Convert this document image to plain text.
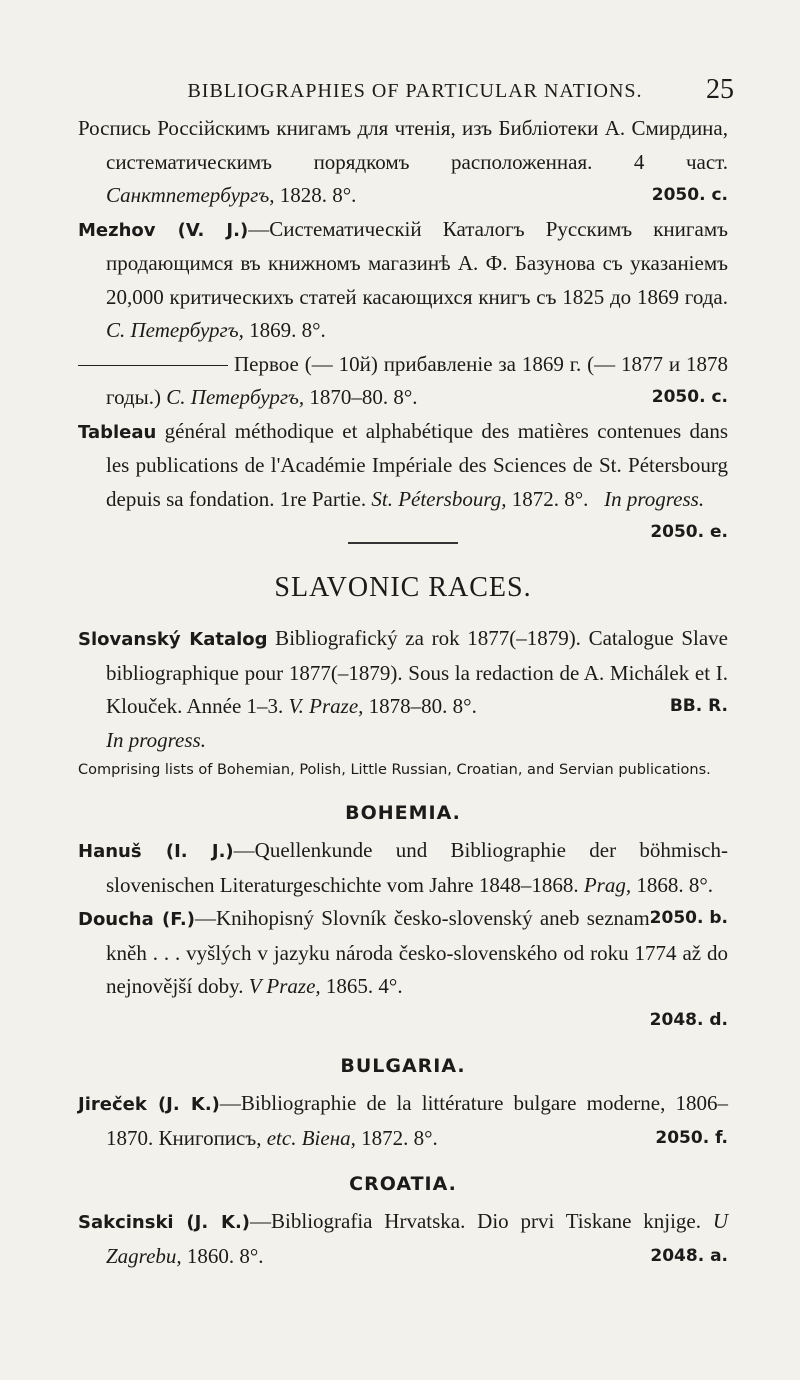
BIBLIOGRAPHIES OF PARTICULAR NATIONS.	25
Роспись Россійскимъ книгамъ для чтенія, изъ Библіотеки А. Смирдина, систематическимъ порядкомъ расположенная. 4 част. Санктпетербургъ, 1828. 8°.	2050. c.
Mezhov (V. J.)—Систематическій Каталогъ Русскимъ книгамъ продающимся въ книжномъ магазинѣ А. Ф. Базунова съ указаніемъ 20,000 критическихъ статей касающихся книгъ съ 1825 до 1869 года. С. Петербургъ, 1869. 8°.
Первое (— 10й) прибавленіе за 1869 г. (— 1877 и 1878 годы.) С. Петербургъ, 1870–80. 8°.	2050. c.
Tableau général méthodique et alphabétique des matières contenues dans les publications de l'Académie Impériale des Sciences de St. Pétersbourg depuis sa fondation. 1re Partie. St. Pétersbourg, 1872. 8°. In progress.
2050. e.
SLAVONIC RACES.
Slovanský Katalog Bibliografický za rok 1877(–1879). Catalogue Slave bibliographique pour 1877(–1879). Sous la redaction de A. Michálek et I. Klouček. Année 1–3. V. Praze, 1878–80. 8°.	BB. R.

In progress.
Comprising lists of Bohemian, Polish, Little Russian, Croatian, and Servian publications.
BOHEMIA.
Hanuš (I. J.)—Quellenkunde und Bibliographie der böhmisch-slovenischen Literaturgeschichte vom Jahre 1848–1868. Prag, 1868. 8°.
2050. b.
Doucha (F.)—Knihopisný Slovník česko-slovenský aneb seznam kněh . . . vyšlých v jazyku národa česko-slovenského od roku 1774 až do nejnovější doby. V Praze, 1865. 4°.

2048. d.
BULGARIA.
Jireček (J. K.)—Bibliographie de la littérature bulgare moderne, 1806–1870. Книгописъ, etc. Віена, 1872. 8°.	2050. f.
CROATIA.
Sakcinski (J. K.)—Bibliografia Hrvatska. Dio prvi Tiskane knjige. U Zagrebu, 1860. 8°.	2048. a.
